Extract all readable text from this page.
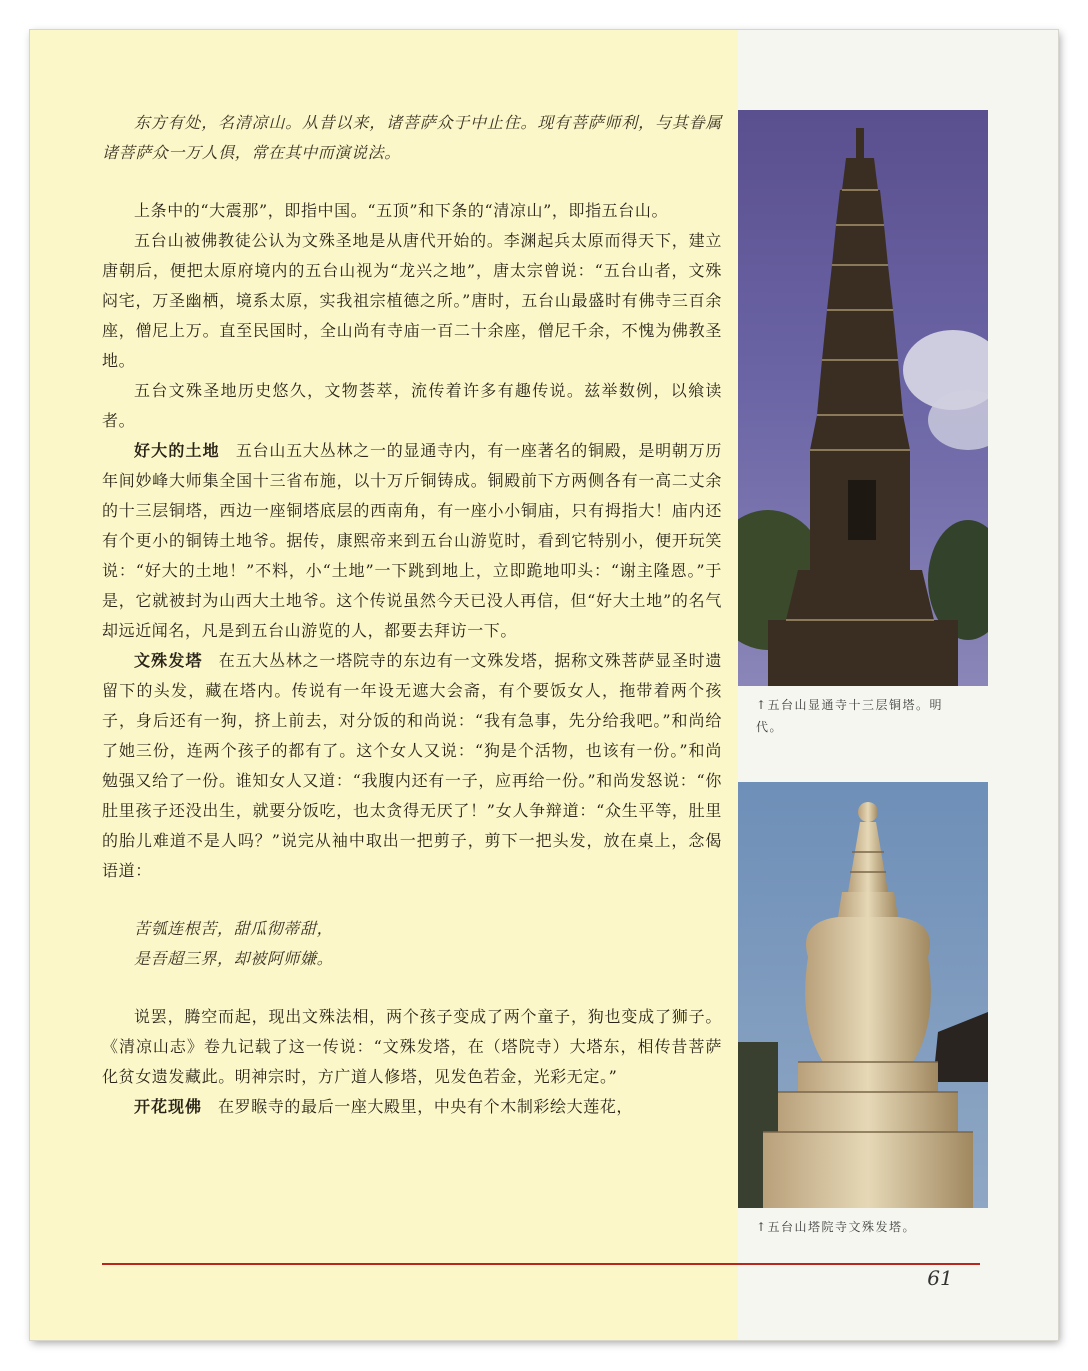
东方有处，名清凉山。从昔以来，诸菩萨众于中止住。现有菩萨师利，与其眷属诸菩萨众一万人俱，常在其中而演说法。

上条中的“大震那”，即指中国。“五顶”和下条的“清凉山”，即指五台山。

五台山被佛教徒公认为文殊圣地是从唐代开始的。李渊起兵太原而得天下，建立唐朝后，便把太原府境内的五台山视为“龙兴之地”，唐太宗曾说：“五台山者，文殊闷宅，万圣幽栖，境系太原，实我祖宗植德之所。”唐时，五台山最盛时有佛寺三百余座，僧尼上万。直至民国时，全山尚有寺庙一百二十余座，僧尼千余，不愧为佛教圣地。

五台文殊圣地历史悠久，文物荟萃，流传着许多有趣传说。兹举数例，以飨读者。

好大的土地 五台山五大丛林之一的显通寺内，有一座著名的铜殿，是明朝万历年间妙峰大师集全国十三省布施，以十万斤铜铸成。铜殿前下方两侧各有一高二丈余的十三层铜塔，西边一座铜塔底层的西南角，有一座小小铜庙，只有拇指大！庙内还有个更小的铜铸土地爷。据传，康熙帝来到五台山游览时，看到它特别小，便开玩笑说：“好大的土地！”不料，小“土地”一下跳到地上，立即跪地叩头：“谢主隆恩。”于是，它就被封为山西大土地爷。这个传说虽然今天已没人再信，但“好大土地”的名气却远近闻名，凡是到五台山游览的人，都要去拜访一下。

文殊发塔 在五大丛林之一塔院寺的东边有一文殊发塔，据称文殊菩萨显圣时遗留下的头发，藏在塔内。传说有一年设无遮大会斋，有个要饭女人，拖带着两个孩子，身后还有一狗，挤上前去，对分饭的和尚说：“我有急事，先分给我吧。”和尚给了她三份，连两个孩子的都有了。这个女人又说：“狗是个活物，也该有一份。”和尚勉强又给了一份。谁知女人又道：“我腹内还有一子，应再给一份。”和尚发怒说：“你肚里孩子还没出生，就要分饭吃，也太贪得无厌了！”女人争辩道：“众生平等，肚里的胎儿难道不是人吗？”说完从袖中取出一把剪子，剪下一把头发，放在桌上，念偈语道：

苦瓠连根苦，甜瓜彻蒂甜，

是吾超三界，却被阿师嫌。

说罢，腾空而起，现出文殊法相，两个孩子变成了两个童子，狗也变成了狮子。《清凉山志》卷九记载了这一传说：“文殊发塔，在（塔院寺）大塔东，相传昔菩萨化贫女遗发藏此。明神宗时，方广道人修塔，见发色若金，光彩无定。”

开花现佛 在罗睺寺的最后一座大殿里，中央有个木制彩绘大莲花，

↑五台山显通寺十三层铜塔。明代。
↑五台山塔院寺文殊发塔。
61
